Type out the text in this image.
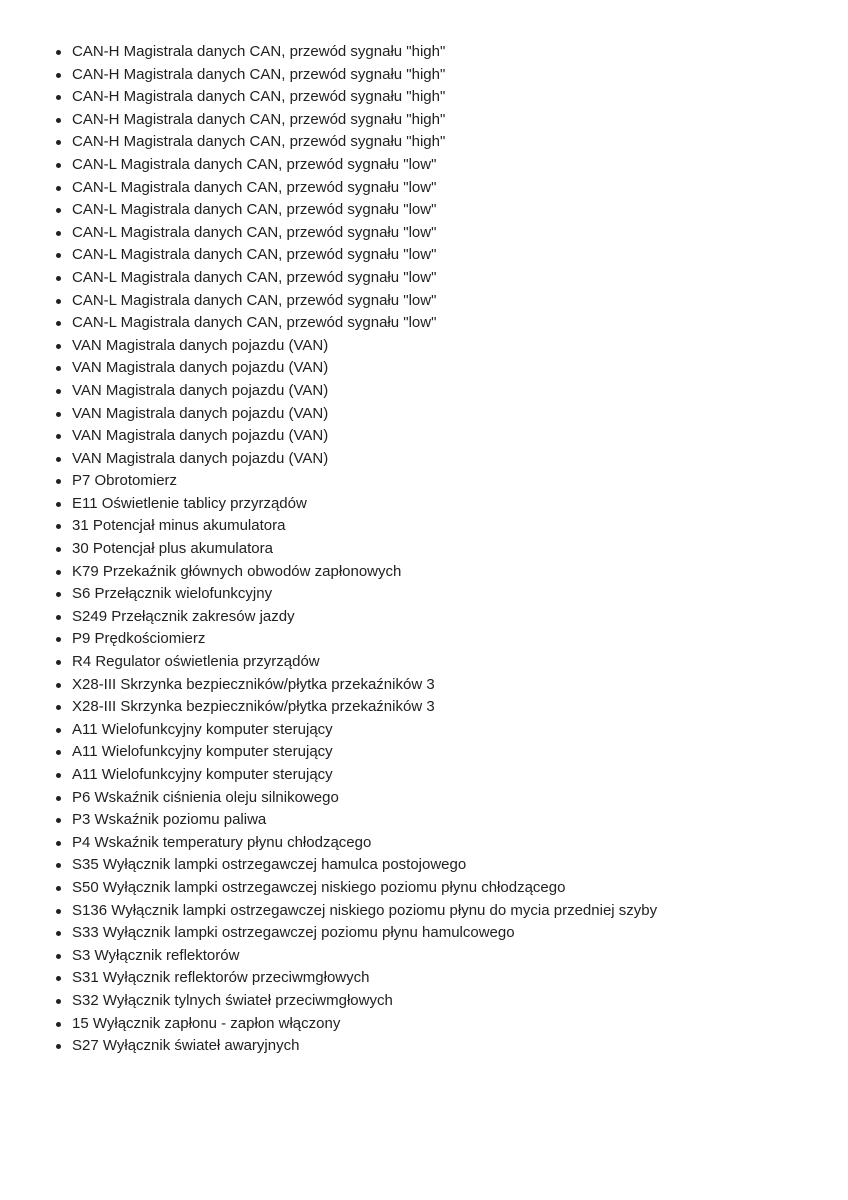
CAN-H Magistrala danych CAN, przewód sygnału "high"
CAN-H Magistrala danych CAN, przewód sygnału "high"
CAN-H Magistrala danych CAN, przewód sygnału "high"
CAN-H Magistrala danych CAN, przewód sygnału "high"
CAN-H Magistrala danych CAN, przewód sygnału "high"
CAN-L Magistrala danych CAN, przewód sygnału "low"
CAN-L Magistrala danych CAN, przewód sygnału "low"
CAN-L Magistrala danych CAN, przewód sygnału "low"
CAN-L Magistrala danych CAN, przewód sygnału "low"
CAN-L Magistrala danych CAN, przewód sygnału "low"
CAN-L Magistrala danych CAN, przewód sygnału "low"
CAN-L Magistrala danych CAN, przewód sygnału "low"
CAN-L Magistrala danych CAN, przewód sygnału "low"
VAN Magistrala danych pojazdu (VAN)
VAN Magistrala danych pojazdu (VAN)
VAN Magistrala danych pojazdu (VAN)
VAN Magistrala danych pojazdu (VAN)
VAN Magistrala danych pojazdu (VAN)
VAN Magistrala danych pojazdu (VAN)
P7 Obrotomierz
E11 Oświetlenie tablicy przyrządów
31 Potencjał minus akumulatora
30 Potencjał plus akumulatora
K79 Przekaźnik głównych obwodów zapłonowych
S6 Przełącznik wielofunkcyjny
S249 Przełącznik zakresów jazdy
P9 Prędkościomierz
R4 Regulator oświetlenia przyrządów
X28-III Skrzynka bezpieczników/płytka przekaźników 3
X28-III Skrzynka bezpieczników/płytka przekaźników 3
A11 Wielofunkcyjny komputer sterujący
A11 Wielofunkcyjny komputer sterujący
A11 Wielofunkcyjny komputer sterujący
P6 Wskaźnik ciśnienia oleju silnikowego
P3 Wskaźnik poziomu paliwa
P4 Wskaźnik temperatury płynu chłodzącego
S35 Wyłącznik lampki ostrzegawczej hamulca postojowego
S50 Wyłącznik lampki ostrzegawczej niskiego poziomu płynu chłodzącego
S136 Wyłącznik lampki ostrzegawczej niskiego poziomu płynu do mycia przedniej szyby
S33 Wyłącznik lampki ostrzegawczej poziomu płynu hamulcowego
S3 Wyłącznik reflektorów
S31 Wyłącznik reflektorów przeciwmgłowych
S32 Wyłącznik tylnych świateł przeciwmgłowych
15 Wyłącznik zapłonu - zapłon włączony
S27 Wyłącznik świateł awaryjnych
